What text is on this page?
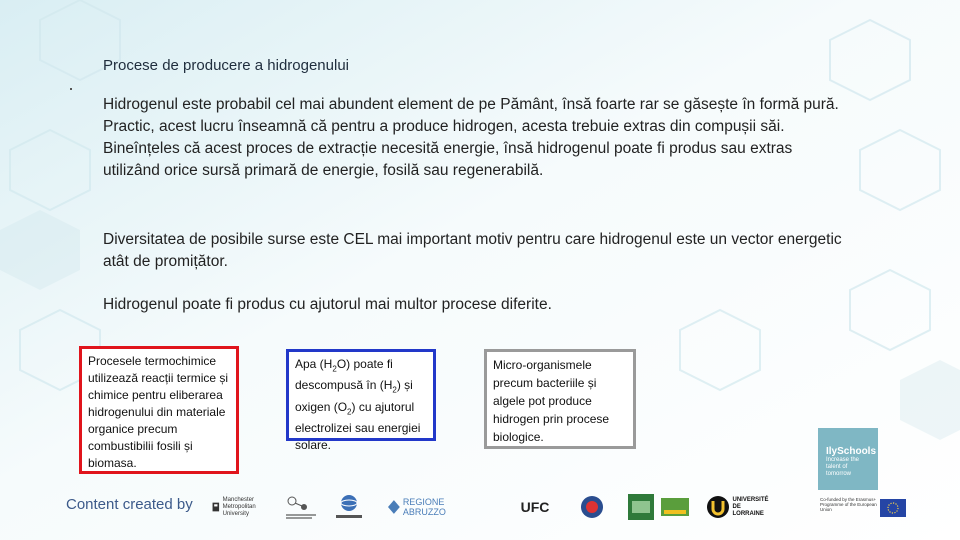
Procese de producere a hidrogenului
Hidrogenul este probabil cel mai abundent element de pe Pământ, însă foarte rar se găsește în formă pură. Practic, acest lucru înseamnă că pentru a produce hidrogen, acesta trebuie extras din compușii săi.
Bineînțeles că acest proces de extracție necesită energie, însă hidrogenul poate fi produs sau extras utilizând orice sursă primară de energie, fosilă sau regenerabilă.
Diversitatea de posibile surse este CEL mai important motiv pentru care hidrogenul este un vector energetic atât de promițător.
Hidrogenul poate fi produs cu ajutorul mai multor procese diferite.
Procesele termochimice utilizează reacții termice și chimice pentru eliberarea hidrogenului din materiale organice precum combustibilii fosili și biomasa.
Apa $(H_2O)$ poate fi descompusă în $(H_2)$ și oxigen $(O_2)$ cu ajutorul electrolizei sau energiei solare.
Micro-organismele precum bacteriile și algele pot produce hidrogen prin procese biologice.
IlySchools
Increase the talent of tomorrow
Content created by	Manchester Metropolitan University
REGIONE ABRUZZO	UFC	UNIVERSITÉ DE LORRAINE
Co-funded by the Erasmus+ Programme of the European Union
